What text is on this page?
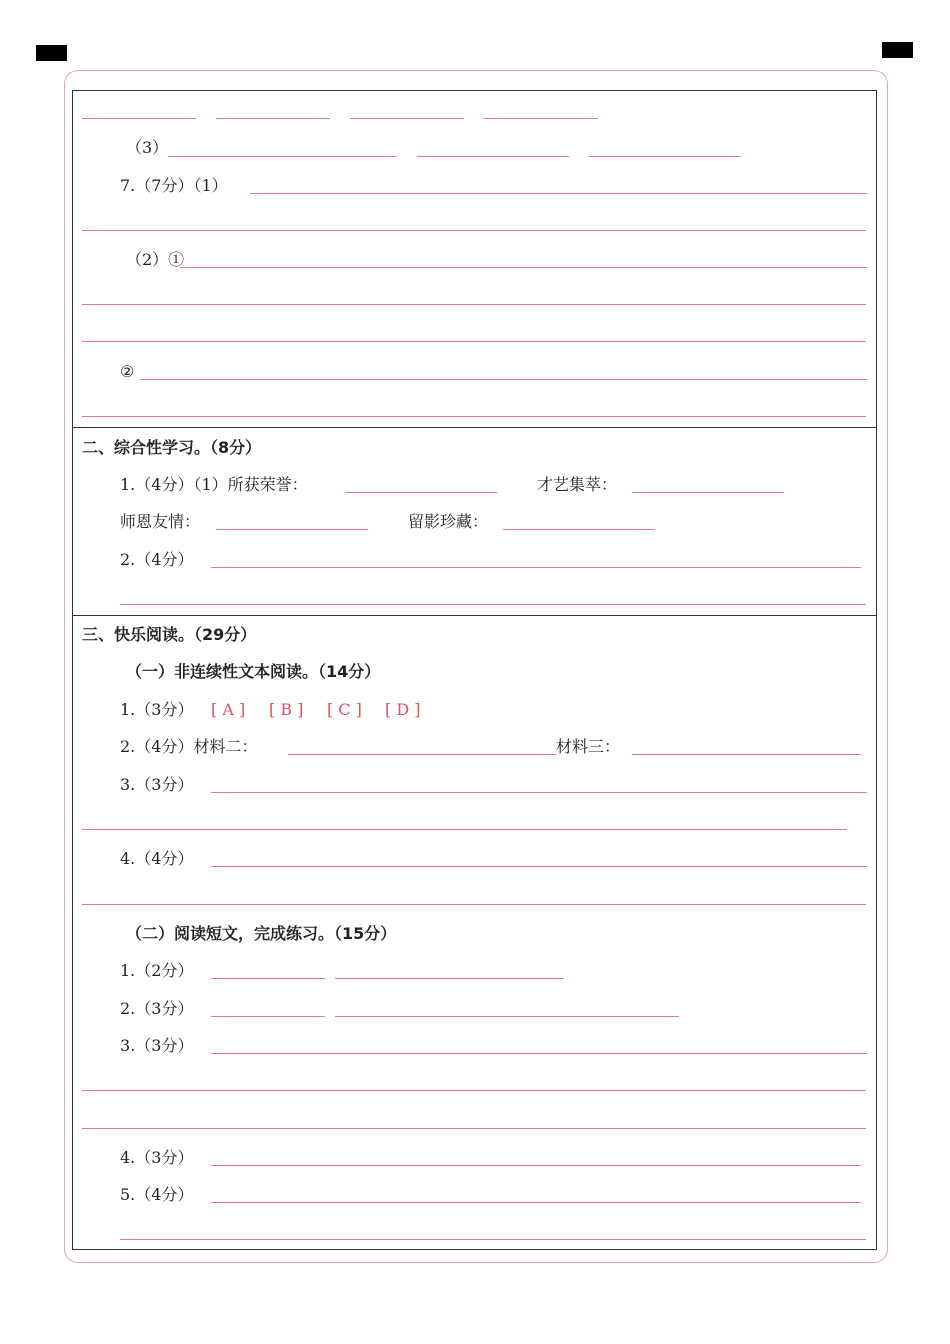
（3）
7.（7分）（1）
（2）①
②
二、综合性学习。（8分）
1.（4分）（1）所获荣誉：	才艺集萃：
师恩友情：	留影珍藏：
2.（4分）
三、快乐阅读。（29分）
（一）非连续性文本阅读。（14分）
1.（3分） [ A ] [ B ] [ C ] [ D ]
2.（4分）材料二：	材料三：
3.（3分）
4.（4分）
（二）阅读短文，完成练习。（15分）
1.（2分）
2.（3分）
3.（3分）
4.（3分）
5.（4分）
